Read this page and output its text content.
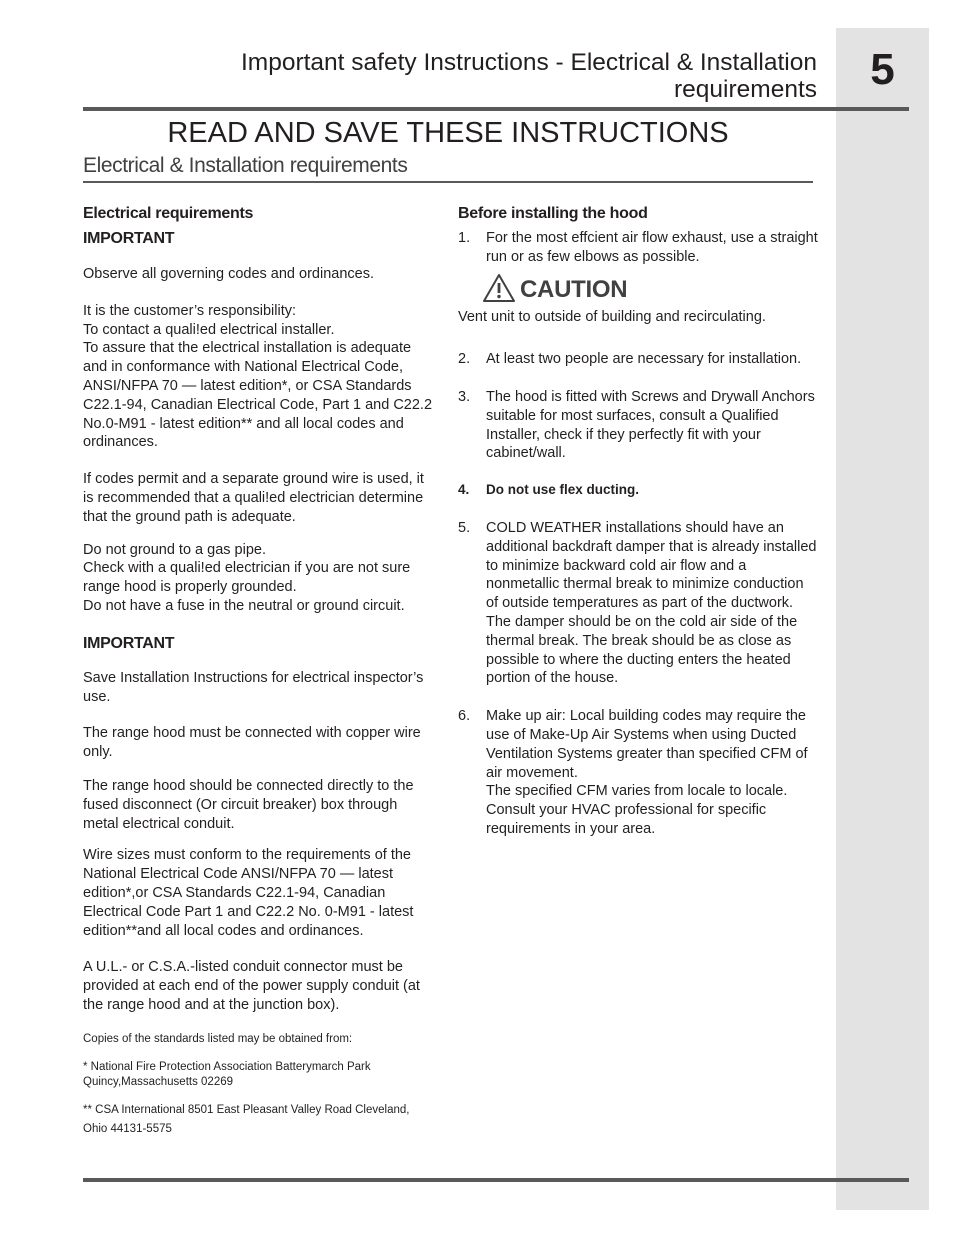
5
Important safety Instructions - Electrical & Installation
requirements
READ AND SAVE THESE INSTRUCTIONS
Electrical & Installation requirements

Electrical requirements

IMPORTANT

Observe all governing codes and ordinances.

It is the customer’s responsibility:

To contact a quali!ed electrical installer.

To assure that the electrical installation is adequate and in conformance with National Electrical Code, ANSI/NFPA 70 — latest edition*, or CSA Standards C22.1-94, Canadian Electrical Code, Part 1 and C22.2 No.0-M91 - latest edition** and all local codes and ordinances.

If codes permit and a separate ground wire is used, it is recommended that a quali!ed electrician determine that the ground path is adequate.

Do not ground to a gas pipe.

Check with a quali!ed electrician if you are not sure range hood is properly grounded.

Do not have a fuse in the neutral or ground circuit.

IMPORTANT

Save Installation Instructions for electrical inspector’s use.

The range hood must be connected with copper wire only.

The range hood should be connected directly to the fused disconnect (Or circuit breaker) box through metal electrical conduit.

Wire sizes must conform to the requirements of the National Electrical Code ANSI/NFPA 70 — latest edition*,or CSA Standards C22.1-94, Canadian Electrical Code Part 1 and C22.2 No. 0-M91 - latest edition**and all local codes and ordinances.

A U.L.- or C.S.A.-listed conduit connector must be provided at each end of the power supply conduit (at the range hood and at the junction box).

Copies of the standards listed may be obtained from:

* National Fire Protection Association Batterymarch Park Quincy,Massachusetts 02269

** CSA International 8501 East Pleasant Valley Road Cleveland, Ohio 44131-5575

Before installing the hood

1. For the most effcient air flow exhaust, use a straight run or as few elbows as possible.
CAUTION

Vent unit to outside of building and recirculating.

2. At least two people are necessary for installation.
3. The hood is fitted with Screws and Drywall Anchors suitable for most surfaces, consult a Qualified Installer, check if they perfectly fit with your cabinet/wall.
4. Do not use flex ducting.
5. COLD WEATHER installations should have an additional backdraft damper that is already installed to minimize backward cold air flow and a nonmetallic thermal break to minimize conduction of outside temperatures as part of the ductwork. The damper should be on the cold air side of the thermal break. The break should be as close as possible to where the ducting enters the heated portion of the house.
6. Make up air: Local building codes may require the use of Make-Up Air Systems when using Ducted Ventilation Systems greater than specified CFM of air movement.
The specified CFM varies from locale to locale. Consult your HVAC professional for specific requirements in your area.
